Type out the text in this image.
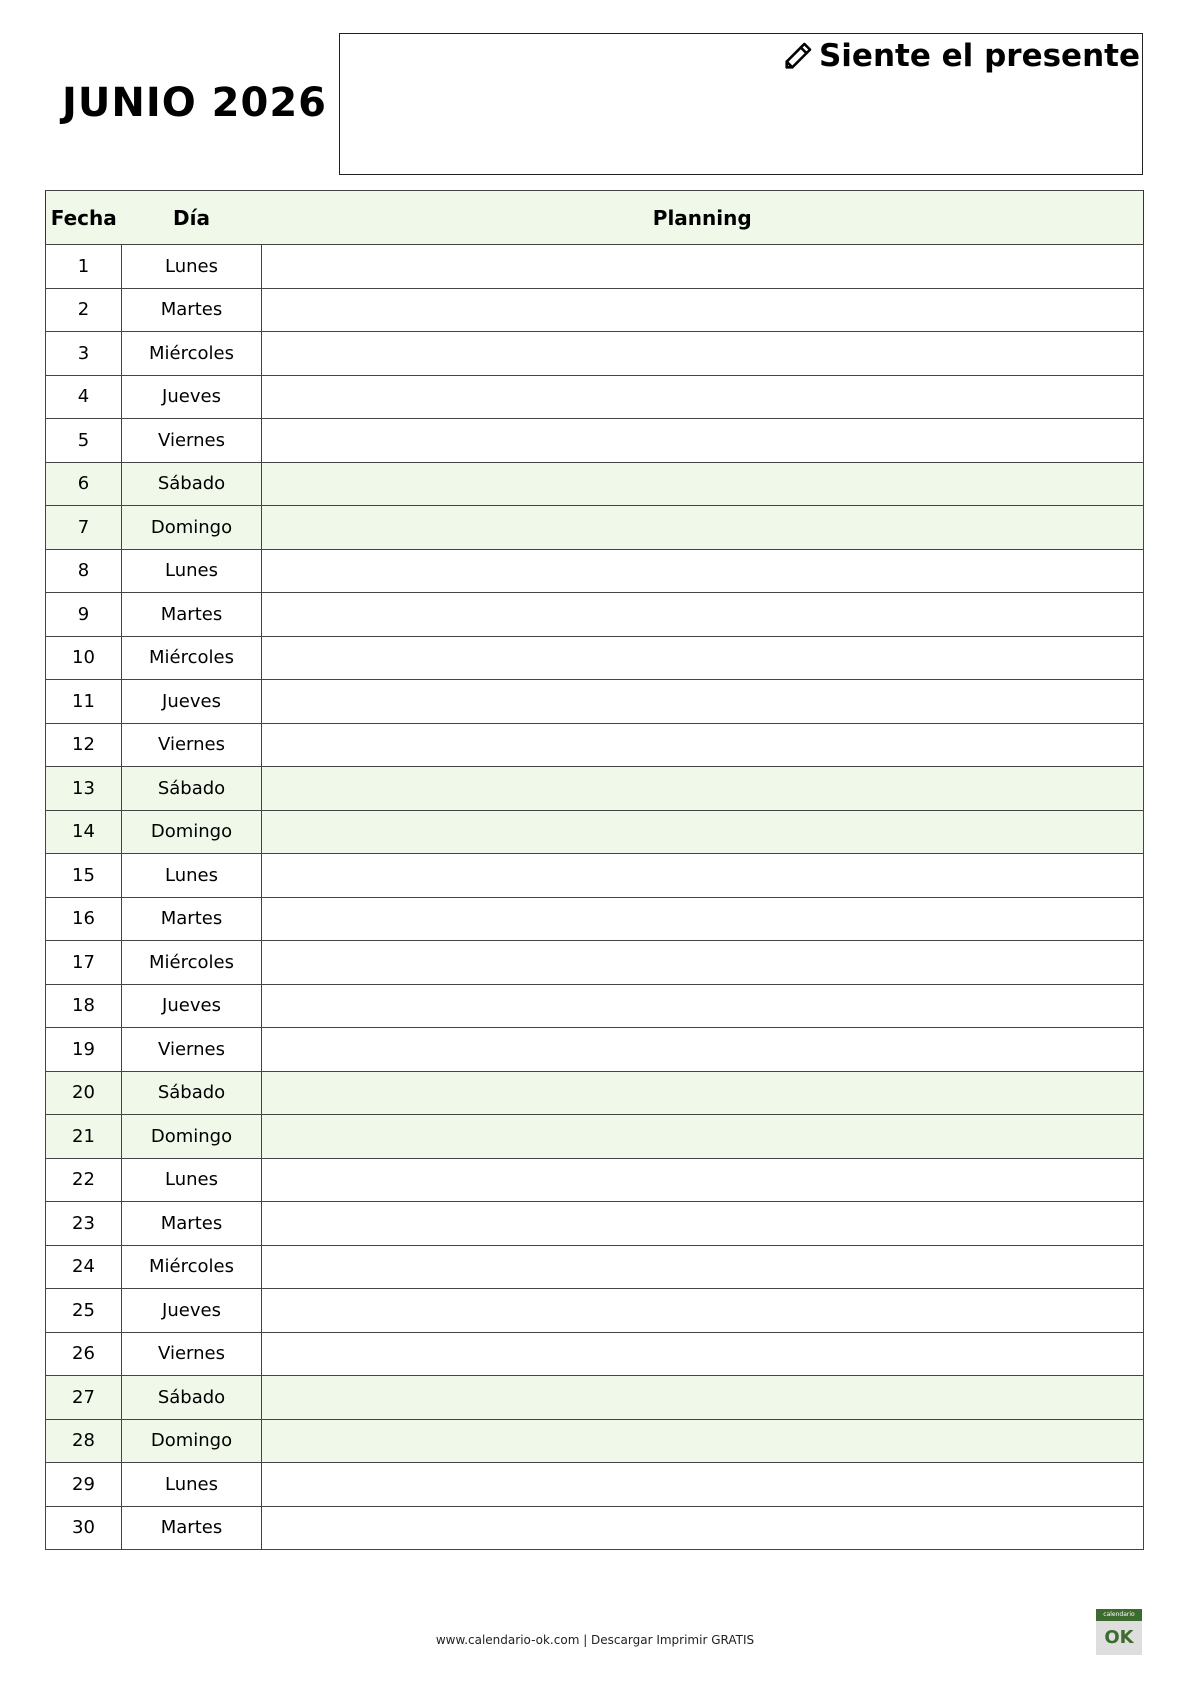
JUNIO 2026
Siente el presente
Fecha	Día	Planning
1	Lunes	
2	Martes	
3	Miércoles	
4	Jueves	
5	Viernes	
6	Sábado	
7	Domingo	
8	Lunes	
9	Martes	
10	Miércoles	
11	Jueves	
12	Viernes	
13	Sábado	
14	Domingo	
15	Lunes	
16	Martes	
17	Miércoles	
18	Jueves	
19	Viernes	
20	Sábado	
21	Domingo	
22	Lunes	
23	Martes	
24	Miércoles	
25	Jueves	
26	Viernes	
27	Sábado	
28	Domingo	
29	Lunes	
30	Martes	
www.calendario-ok.com | Descargar Imprimir GRATIS
calendario
OK
